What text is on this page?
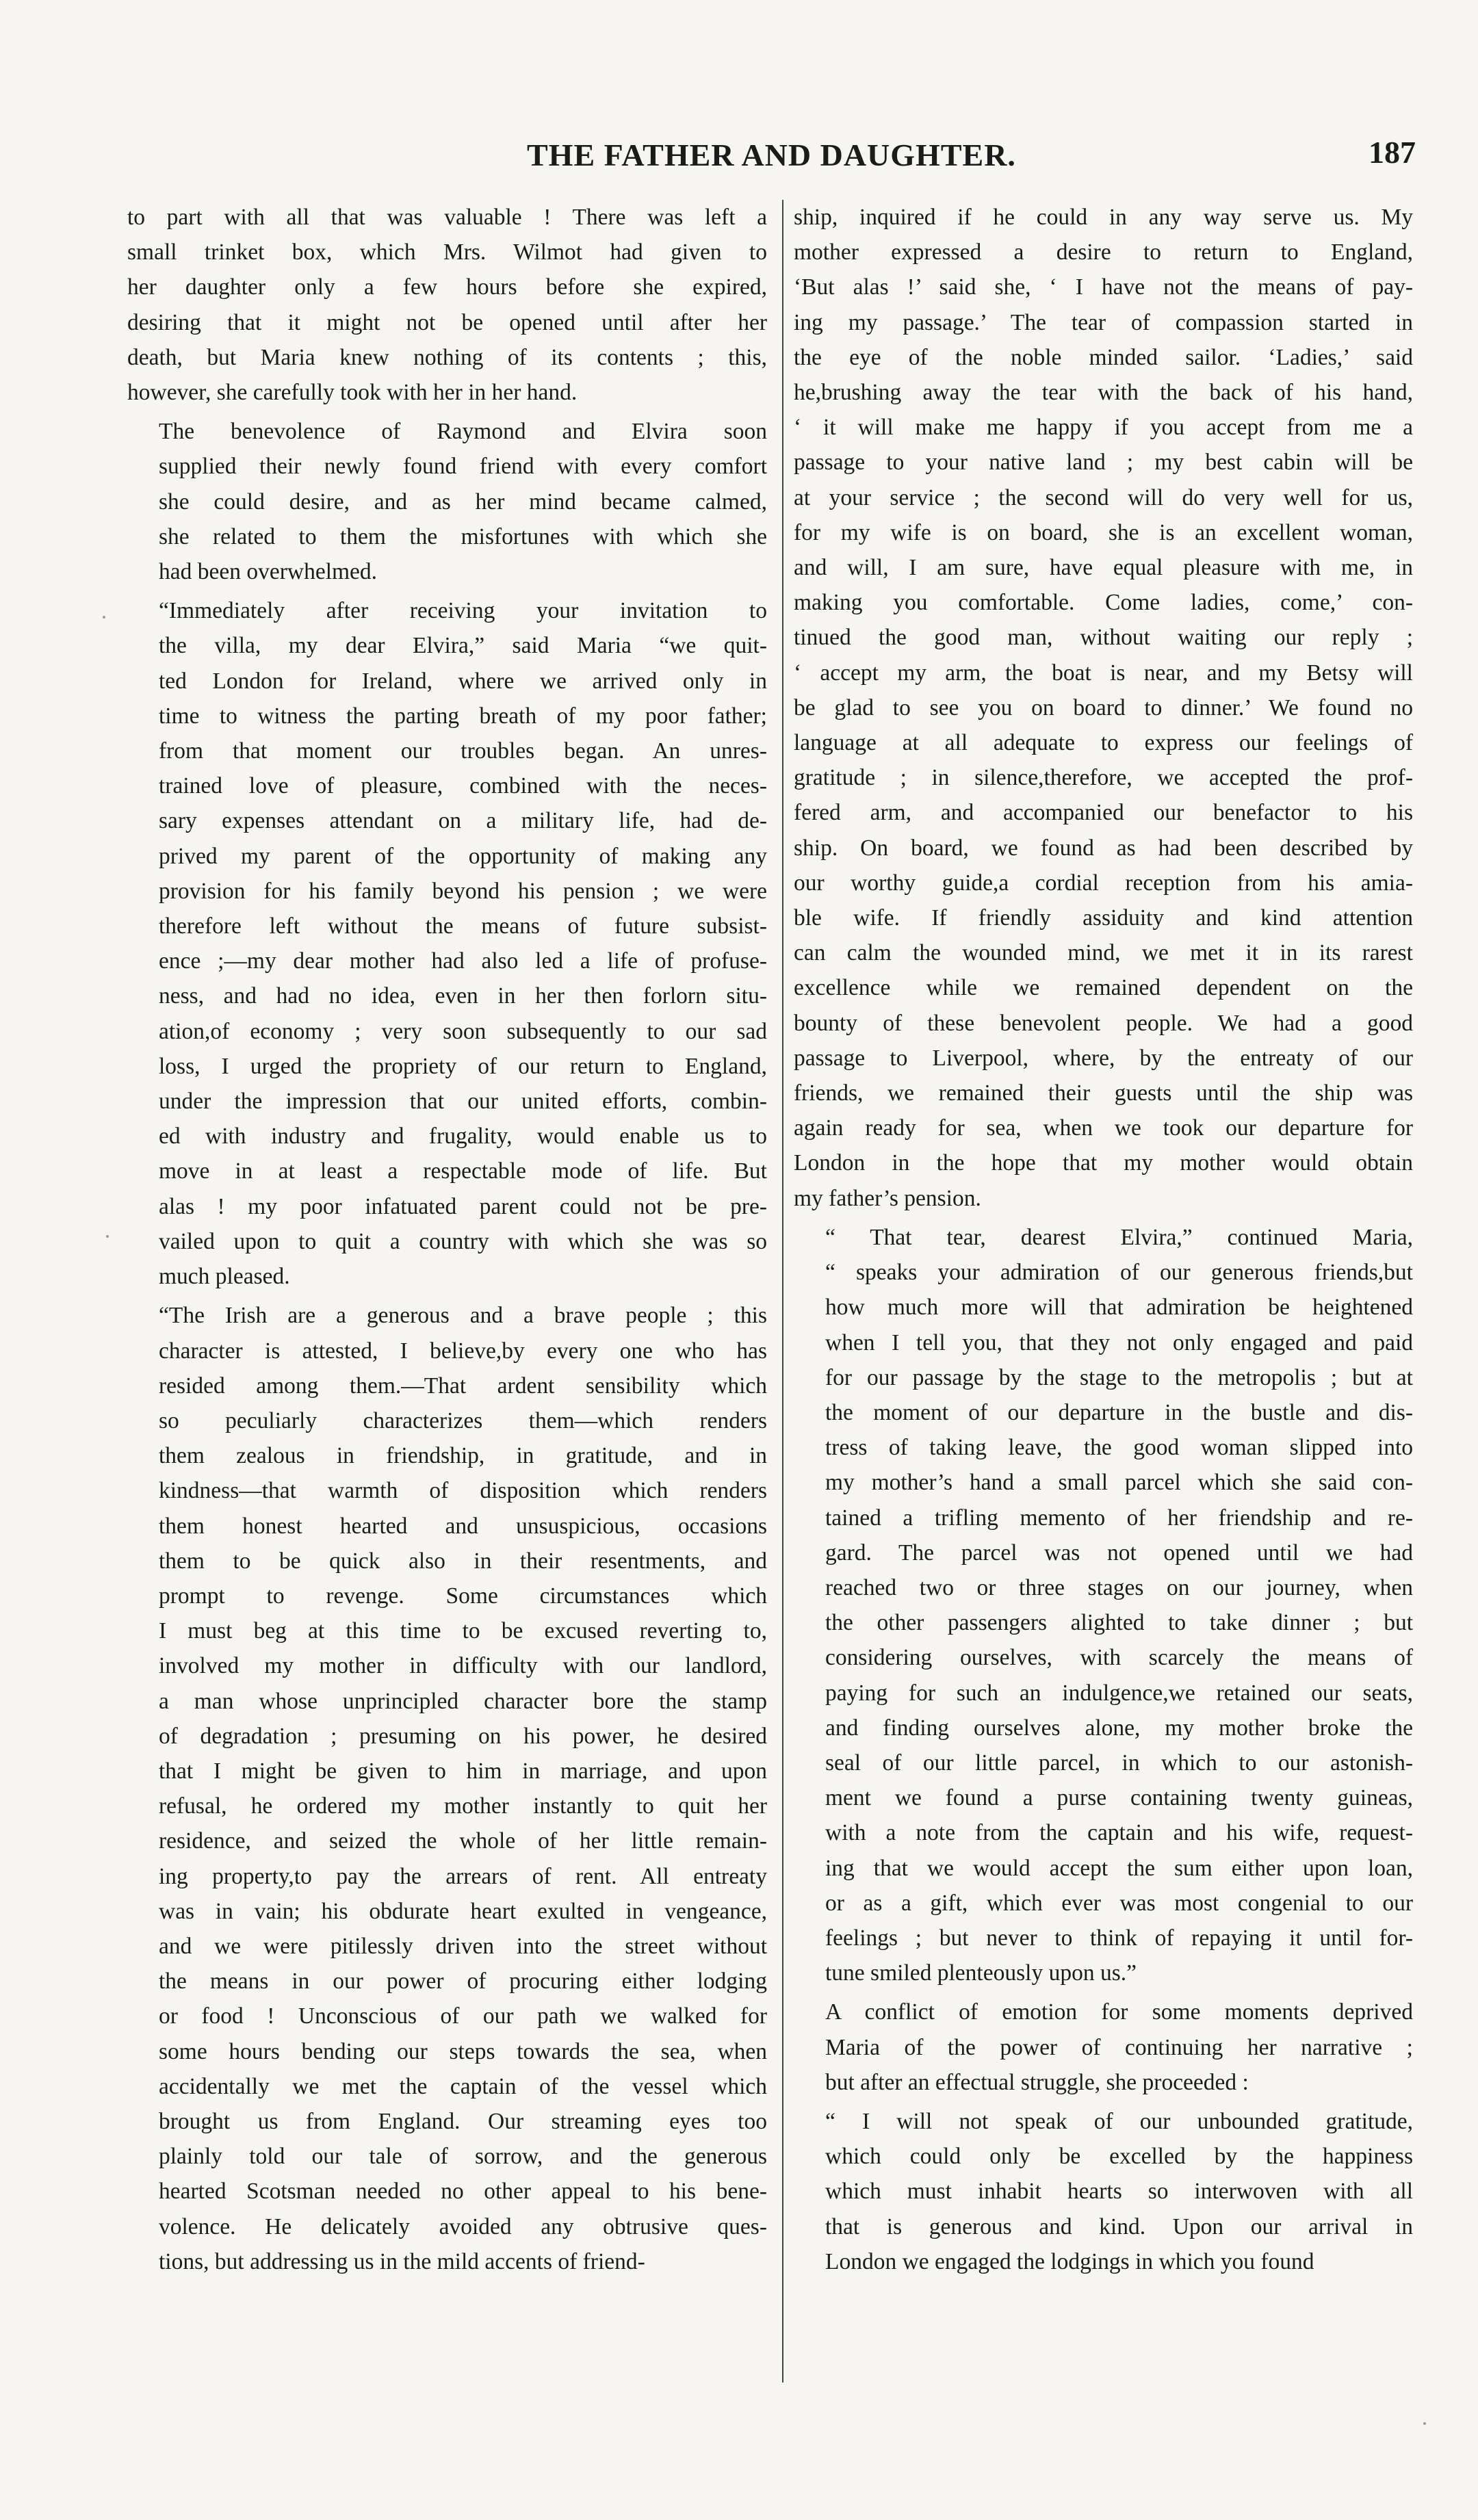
THE FATHER AND DAUGHTER.	187
to part with all that was valuable ! There was left a
small trinket box, which Mrs. Wilmot had given to
her daughter only a few hours before she expired,
desiring that it might not be opened until after her
death, but Maria knew nothing of its contents ; this,
however, she carefully took with her in her hand.
The benevolence of Raymond and Elvira soon
supplied their newly found friend with every comfort
she could desire, and as her mind became calmed,
she related to them the misfortunes with which she
had been overwhelmed.
“Immediately after receiving your invitation to
the villa, my dear Elvira,” said Maria “we quit-
ted London for Ireland, where we arrived only in
time to witness the parting breath of my poor father;
from that moment our troubles began. An unres-
trained love of pleasure, combined with the neces-
sary expenses attendant on a military life, had de-
prived my parent of the opportunity of making any
provision for his family beyond his pension ; we were
therefore left without the means of future subsist-
ence ;—my dear mother had also led a life of profuse-
ness, and had no idea, even in her then forlorn situ-
ation,of economy ; very soon subsequently to our sad
loss, I urged the propriety of our return to England,
under the impression that our united efforts, combin-
ed with industry and frugality, would enable us to
move in at least a respectable mode of life. But
alas ! my poor infatuated parent could not be pre-
vailed upon to quit a country with which she was so
much pleased.
“The Irish are a generous and a brave people ; this
character is attested, I believe,by every one who has
resided among them.—That ardent sensibility which
so peculiarly characterizes them—which renders
them zealous in friendship, in gratitude, and in
kindness—that warmth of disposition which renders
them honest hearted and unsuspicious, occasions
them to be quick also in their resentments, and
prompt to revenge. Some circumstances which
I must beg at this time to be excused reverting to,
involved my mother in difficulty with our landlord,
a man whose unprincipled character bore the stamp
of degradation ; presuming on his power, he desired
that I might be given to him in marriage, and upon
refusal, he ordered my mother instantly to quit her
residence, and seized the whole of her little remain-
ing property,to pay the arrears of rent. All entreaty
was in vain; his obdurate heart exulted in vengeance,
and we were pitilessly driven into the street without
the means in our power of procuring either lodging
or food ! Unconscious of our path we walked for
some hours bending our steps towards the sea, when
accidentally we met the captain of the vessel which
brought us from England. Our streaming eyes too
plainly told our tale of sorrow, and the generous
hearted Scotsman needed no other appeal to his bene-
volence. He delicately avoided any obtrusive ques-
tions, but addressing us in the mild accents of friend-
ship, inquired if he could in any way serve us. My
mother expressed a desire to return to England,
‘But alas !’ said she, ‘ I have not the means of pay-
ing my passage.’ The tear of compassion started in
the eye of the noble minded sailor. ‘Ladies,’ said
he,brushing away the tear with the back of his hand,
‘ it will make me happy if you accept from me a
passage to your native land ; my best cabin will be
at your service ; the second will do very well for us,
for my wife is on board, she is an excellent woman,
and will, I am sure, have equal pleasure with me, in
making you comfortable. Come ladies, come,’ con-
tinued the good man, without waiting our reply ;
‘ accept my arm, the boat is near, and my Betsy will
be glad to see you on board to dinner.’ We found no
language at all adequate to express our feelings of
gratitude ; in silence,therefore, we accepted the prof-
fered arm, and accompanied our benefactor to his
ship. On board, we found as had been described by
our worthy guide,a cordial reception from his amia-
ble wife. If friendly assiduity and kind attention
can calm the wounded mind, we met it in its rarest
excellence while we remained dependent on the
bounty of these benevolent people. We had a good
passage to Liverpool, where, by the entreaty of our
friends, we remained their guests until the ship was
again ready for sea, when we took our departure for
London in the hope that my mother would obtain
my father’s pension.
“ That tear, dearest Elvira,” continued Maria,
“ speaks your admiration of our generous friends,but
how much more will that admiration be heightened
when I tell you, that they not only engaged and paid
for our passage by the stage to the metropolis ; but at
the moment of our departure in the bustle and dis-
tress of taking leave, the good woman slipped into
my mother’s hand a small parcel which she said con-
tained a trifling memento of her friendship and re-
gard. The parcel was not opened until we had
reached two or three stages on our journey, when
the other passengers alighted to take dinner ; but
considering ourselves, with scarcely the means of
paying for such an indulgence,we retained our seats,
and finding ourselves alone, my mother broke the
seal of our little parcel, in which to our astonish-
ment we found a purse containing twenty guineas,
with a note from the captain and his wife, request-
ing that we would accept the sum either upon loan,
or as a gift, which ever was most congenial to our
feelings ; but never to think of repaying it until for-
tune smiled plenteously upon us.”
A conflict of emotion for some moments deprived
Maria of the power of continuing her narrative ;
but after an effectual struggle, she proceeded :
“ I will not speak of our unbounded gratitude,
which could only be excelled by the happiness
which must inhabit hearts so interwoven with all
that is generous and kind. Upon our arrival in
London we engaged the lodgings in which you found
